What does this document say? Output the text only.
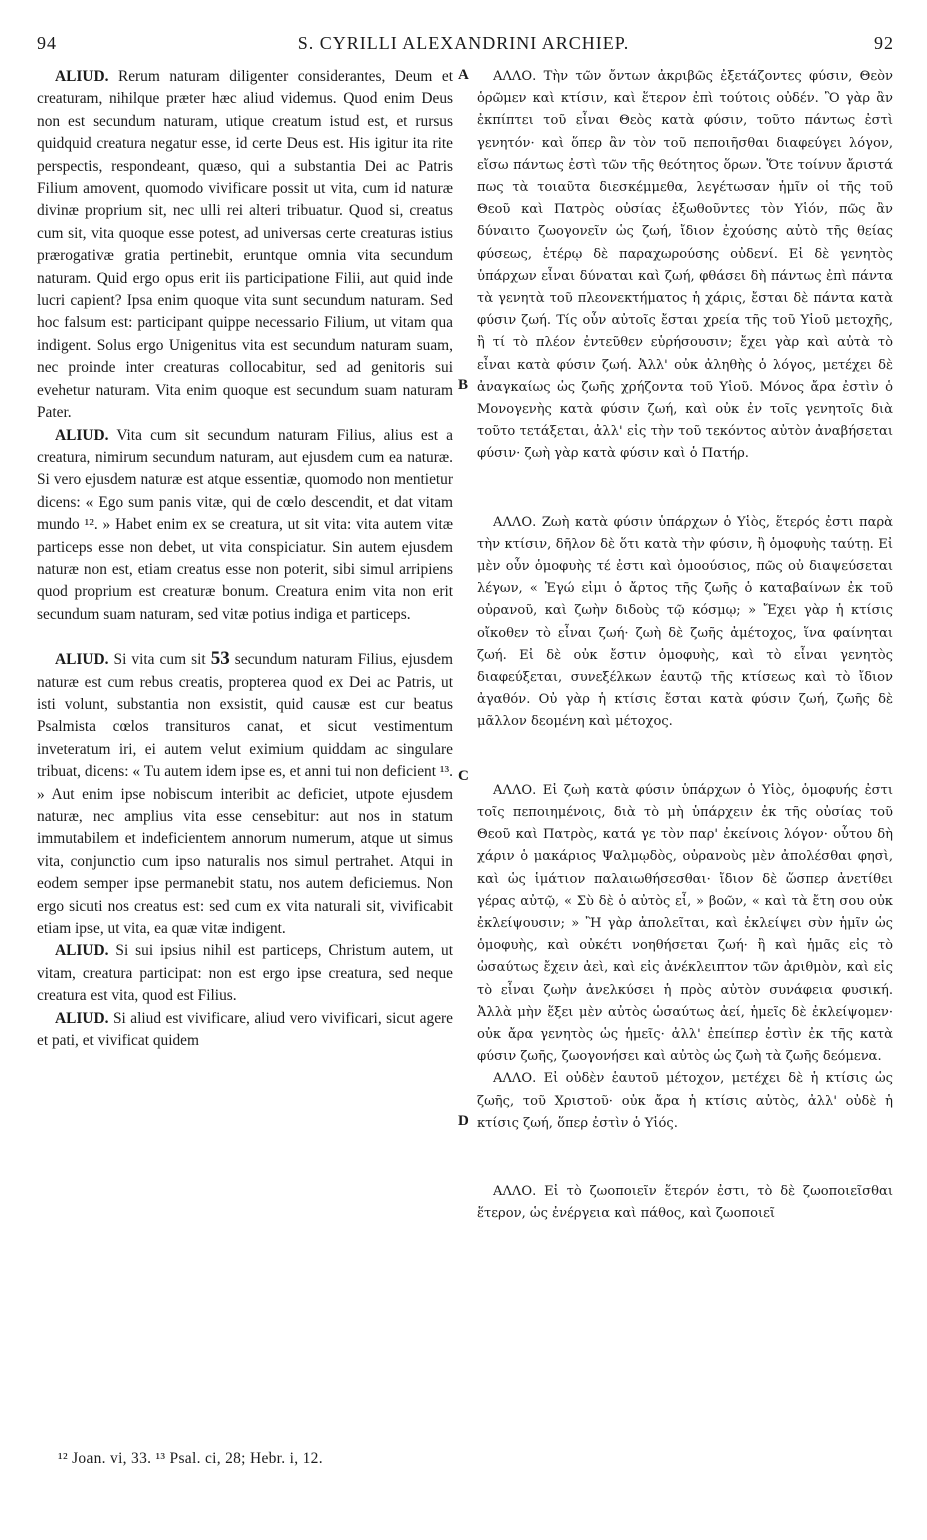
94	S. CYRILLI ALEXANDRINI ARCHIEP.	92
A
B
C
D

ALIUD. Rerum naturam diligenter considerantes, Deum et creaturam, nihilque præter hæc aliud videmus. Quod enim Deus non est secundum naturam, utique creatum istud est, et rursus quidquid creatura negatur esse, id certe Deus est. His igitur ita rite perspectis, respondeant, quæso, qui a substantia Dei ac Patris Filium amovent, quomodo vivificare possit ut vita, cum id naturæ divinæ proprium sit, nec ulli rei alteri tribuatur. Quod si, creatus cum sit, vita quoque esse potest, ad universas certe creaturas istius prærogativæ gratia pertinebit, eruntque omnia vita secundum naturam. Quid ergo opus erit iis participatione Filii, aut quid inde lucri capient? Ipsa enim quoque vita sunt secundum naturam. Sed hoc falsum est: participant quippe necessario Filium, ut vitam qua indigent. Solus ergo Unigenitus vita est secundum naturam suam, nec proinde inter creaturas collocabitur, sed ad genitoris sui evehetur naturam. Vita enim quoque est secundum suam naturam Pater.

ALIUD. Vita cum sit secundum naturam Filius, alius est a creatura, nimirum secundum naturam, aut ejusdem cum ea naturæ. Si vero ejusdem naturæ est atque essentiæ, quomodo non mentietur dicens: « Ego sum panis vitæ, qui de cœlo descendit, et dat vitam mundo ¹². » Habet enim ex se creatura, ut sit vita: vita autem vitæ particeps esse non debet, ut vita conspiciatur. Sin autem ejusdem naturæ non est, etiam creatus esse non poterit, sibi simul arripiens quod proprium est creaturæ bonum. Creatura enim vita non erit secundum suam naturam, sed vitæ potius indiga et particeps.

ALIUD. Si vita cum sit 53 secundum naturam Filius, ejusdem naturæ est cum rebus creatis, propterea quod ex Dei ac Patris, ut isti volunt, substantia non exsistit, quid causæ est cur beatus Psalmista cœlos transituros canat, et sicut vestimentum inveteratum iri, ei autem velut eximium quiddam ac singulare tribuat, dicens: « Tu autem idem ipse es, et anni tui non deficient ¹³. » Aut enim ipse nobiscum interibit ac deficiet, utpote ejusdem naturæ, nec amplius vita esse censebitur: aut nos in statum immutabilem et indeficientem annorum numerum, atque ut simus vita, conjunctio cum ipso naturalis nos simul pertrahet. Atqui in eodem semper ipse permanebit statu, nos autem deficiemus. Non ergo sicuti nos creatus est: sed cum ex vita naturali sit, vivificabit etiam ipse, ut vita, ea quæ vitæ indigent.

ALIUD. Si sui ipsius nihil est particeps, Christum autem, ut vitam, creatura participat: non est ergo ipse creatura, sed neque creatura est vita, quod est Filius.

ALIUD. Si aliud est vivificare, aliud vero vivificari, sicut agere et pati, et vivificat quidem

ΑΛΛΟ. Τὴν τῶν ὄντων ἀκριβῶς ἐξετάζοντες φύσιν, Θεὸν ὁρῶμεν καὶ κτίσιν, καὶ ἕτερον ἐπὶ τούτοις οὐδέν. Ὃ γὰρ ἂν ἐκπίπτει τοῦ εἶναι Θεὸς κατὰ φύσιν, τοῦτο πάντως ἐστὶ γενητόν· καὶ ὅπερ ἂν τὸν τοῦ πεποιῆσθαι διαφεύγει λόγον, εἴσω πάντως ἐστὶ τῶν τῆς θεότητος ὅρων. Ὅτε τοίνυν ἄριστά πως τὰ τοιαῦτα διεσκέμμεθα, λεγέτωσαν ἡμῖν οἱ τῆς τοῦ Θεοῦ καὶ Πατρὸς οὐσίας ἐξωθοῦντες τὸν Υἱόν, πῶς ἂν δύναιτο ζωογονεῖν ὡς ζωή, ἴδιον ἐχούσης αὐτὸ τῆς θείας φύσεως, ἑτέρῳ δὲ παραχωρούσης οὐδενί. Εἰ δὲ γενητὸς ὑπάρχων εἶναι δύναται καὶ ζωή, φθάσει δὴ πάντως ἐπὶ πάντα τὰ γενητὰ τοῦ πλεονεκτήματος ἡ χάρις, ἔσται δὲ πάντα κατὰ φύσιν ζωή. Τίς οὖν αὐτοῖς ἔσται χρεία τῆς τοῦ Υἱοῦ μετοχῆς, ἢ τί τὸ πλέον ἐντεῦθεν εὑρήσουσιν; ἔχει γὰρ καὶ αὐτὰ τὸ εἶναι κατὰ φύσιν ζωή. Ἀλλ' οὐκ ἀληθὴς ὁ λόγος, μετέχει δὲ ἀναγκαίως ὡς ζωῆς χρήζοντα τοῦ Υἱοῦ. Μόνος ἄρα ἐστὶν ὁ Μονογενὴς κατὰ φύσιν ζωή, καὶ οὐκ ἐν τοῖς γενητοῖς διὰ τοῦτο τετάξεται, ἀλλ' εἰς τὴν τοῦ τεκόντος αὐτὸν ἀναβήσεται φύσιν· ζωὴ γὰρ κατὰ φύσιν καὶ ὁ Πατήρ.

ΑΛΛΟ. Ζωὴ κατὰ φύσιν ὑπάρχων ὁ Υἱὸς, ἕτερός ἐστι παρὰ τὴν κτίσιν, δῆλον δὲ ὅτι κατὰ τὴν φύσιν, ἢ ὁμοφυὴς ταύτῃ. Εἰ μὲν οὖν ὁμοφυὴς τέ ἐστι καὶ ὁμοούσιος, πῶς οὐ διαψεύσεται λέγων, « Ἐγώ εἰμι ὁ ἄρτος τῆς ζωῆς ὁ καταβαίνων ἐκ τοῦ οὐρανοῦ, καὶ ζωὴν διδοὺς τῷ κόσμῳ; » Ἔχει γὰρ ἡ κτίσις οἴκοθεν τὸ εἶναι ζωή· ζωὴ δὲ ζωῆς ἀμέτοχος, ἵνα φαίνηται ζωή. Εἰ δὲ οὐκ ἔστιν ὁμοφυὴς, καὶ τὸ εἶναι γενητὸς διαφεύξεται, συνεξέλκων ἑαυτῷ τῆς κτίσεως καὶ τὸ ἴδιον ἀγαθόν. Οὐ γὰρ ἡ κτίσις ἔσται κατὰ φύσιν ζωή, ζωῆς δὲ μᾶλλον δεομένη καὶ μέτοχος.

ΑΛΛΟ. Εἰ ζωὴ κατὰ φύσιν ὑπάρχων ὁ Υἱὸς, ὁμοφυής ἐστι τοῖς πεποιημένοις, διὰ τὸ μὴ ὑπάρχειν ἐκ τῆς οὐσίας τοῦ Θεοῦ καὶ Πατρὸς, κατά γε τὸν παρ' ἐκείνοις λόγον· οὗτου δὴ χάριν ὁ μακάριος Ψαλμῳδὸς, οὐρανοὺς μὲν ἀπολέσθαι φησὶ, καὶ ὡς ἱμάτιον παλαιωθήσεσθαι· ἴδιον δὲ ὥσπερ ἀνετίθει γέρας αὐτῷ, « Σὺ δὲ ὁ αὐτὸς εἶ, » βοῶν, « καὶ τὰ ἔτη σου οὐκ ἐκλείψουσιν; » Ἢ γὰρ ἀπολεῖται, καὶ ἐκλείψει σὺν ἡμῖν ὡς ὁμοφυὴς, καὶ οὐκέτι νοηθήσεται ζωή· ἢ καὶ ἡμᾶς εἰς τὸ ὡσαύτως ἔχειν ἀεὶ, καὶ εἰς ἀνέκλειπτον τῶν ἀριθμὸν, καὶ εἰς τὸ εἶναι ζωὴν ἀνελκύσει ἡ πρὸς αὐτὸν συνάφεια φυσική. Ἀλλὰ μὴν ἕξει μὲν αὐτὸς ὡσαύτως ἀεί, ἡμεῖς δὲ ἐκλείψομεν· οὐκ ἄρα γενητὸς ὡς ἡμεῖς· ἀλλ' ἐπείπερ ἐστὶν ἐκ τῆς κατὰ φύσιν ζωῆς, ζωογονήσει καὶ αὐτὸς ὡς ζωὴ τὰ ζωῆς δεόμενα.

ΑΛΛΟ. Εἰ οὐδὲν ἑαυτοῦ μέτοχον, μετέχει δὲ ἡ κτίσις ὡς ζωῆς, τοῦ Χριστοῦ· οὐκ ἄρα ἡ κτίσις αὐτὸς, ἀλλ' οὐδὲ ἡ κτίσις ζωή, ὅπερ ἐστὶν ὁ Υἱός.

ΑΛΛΟ. Εἰ τὸ ζωοποιεῖν ἕτερόν ἐστι, τὸ δὲ ζωοποιεῖσθαι ἕτερον, ὡς ἐνέργεια καὶ πάθος, καὶ ζωοποιεῖ

¹² Joan. vi, 33. ¹³ Psal. ci, 28; Hebr. i, 12.
